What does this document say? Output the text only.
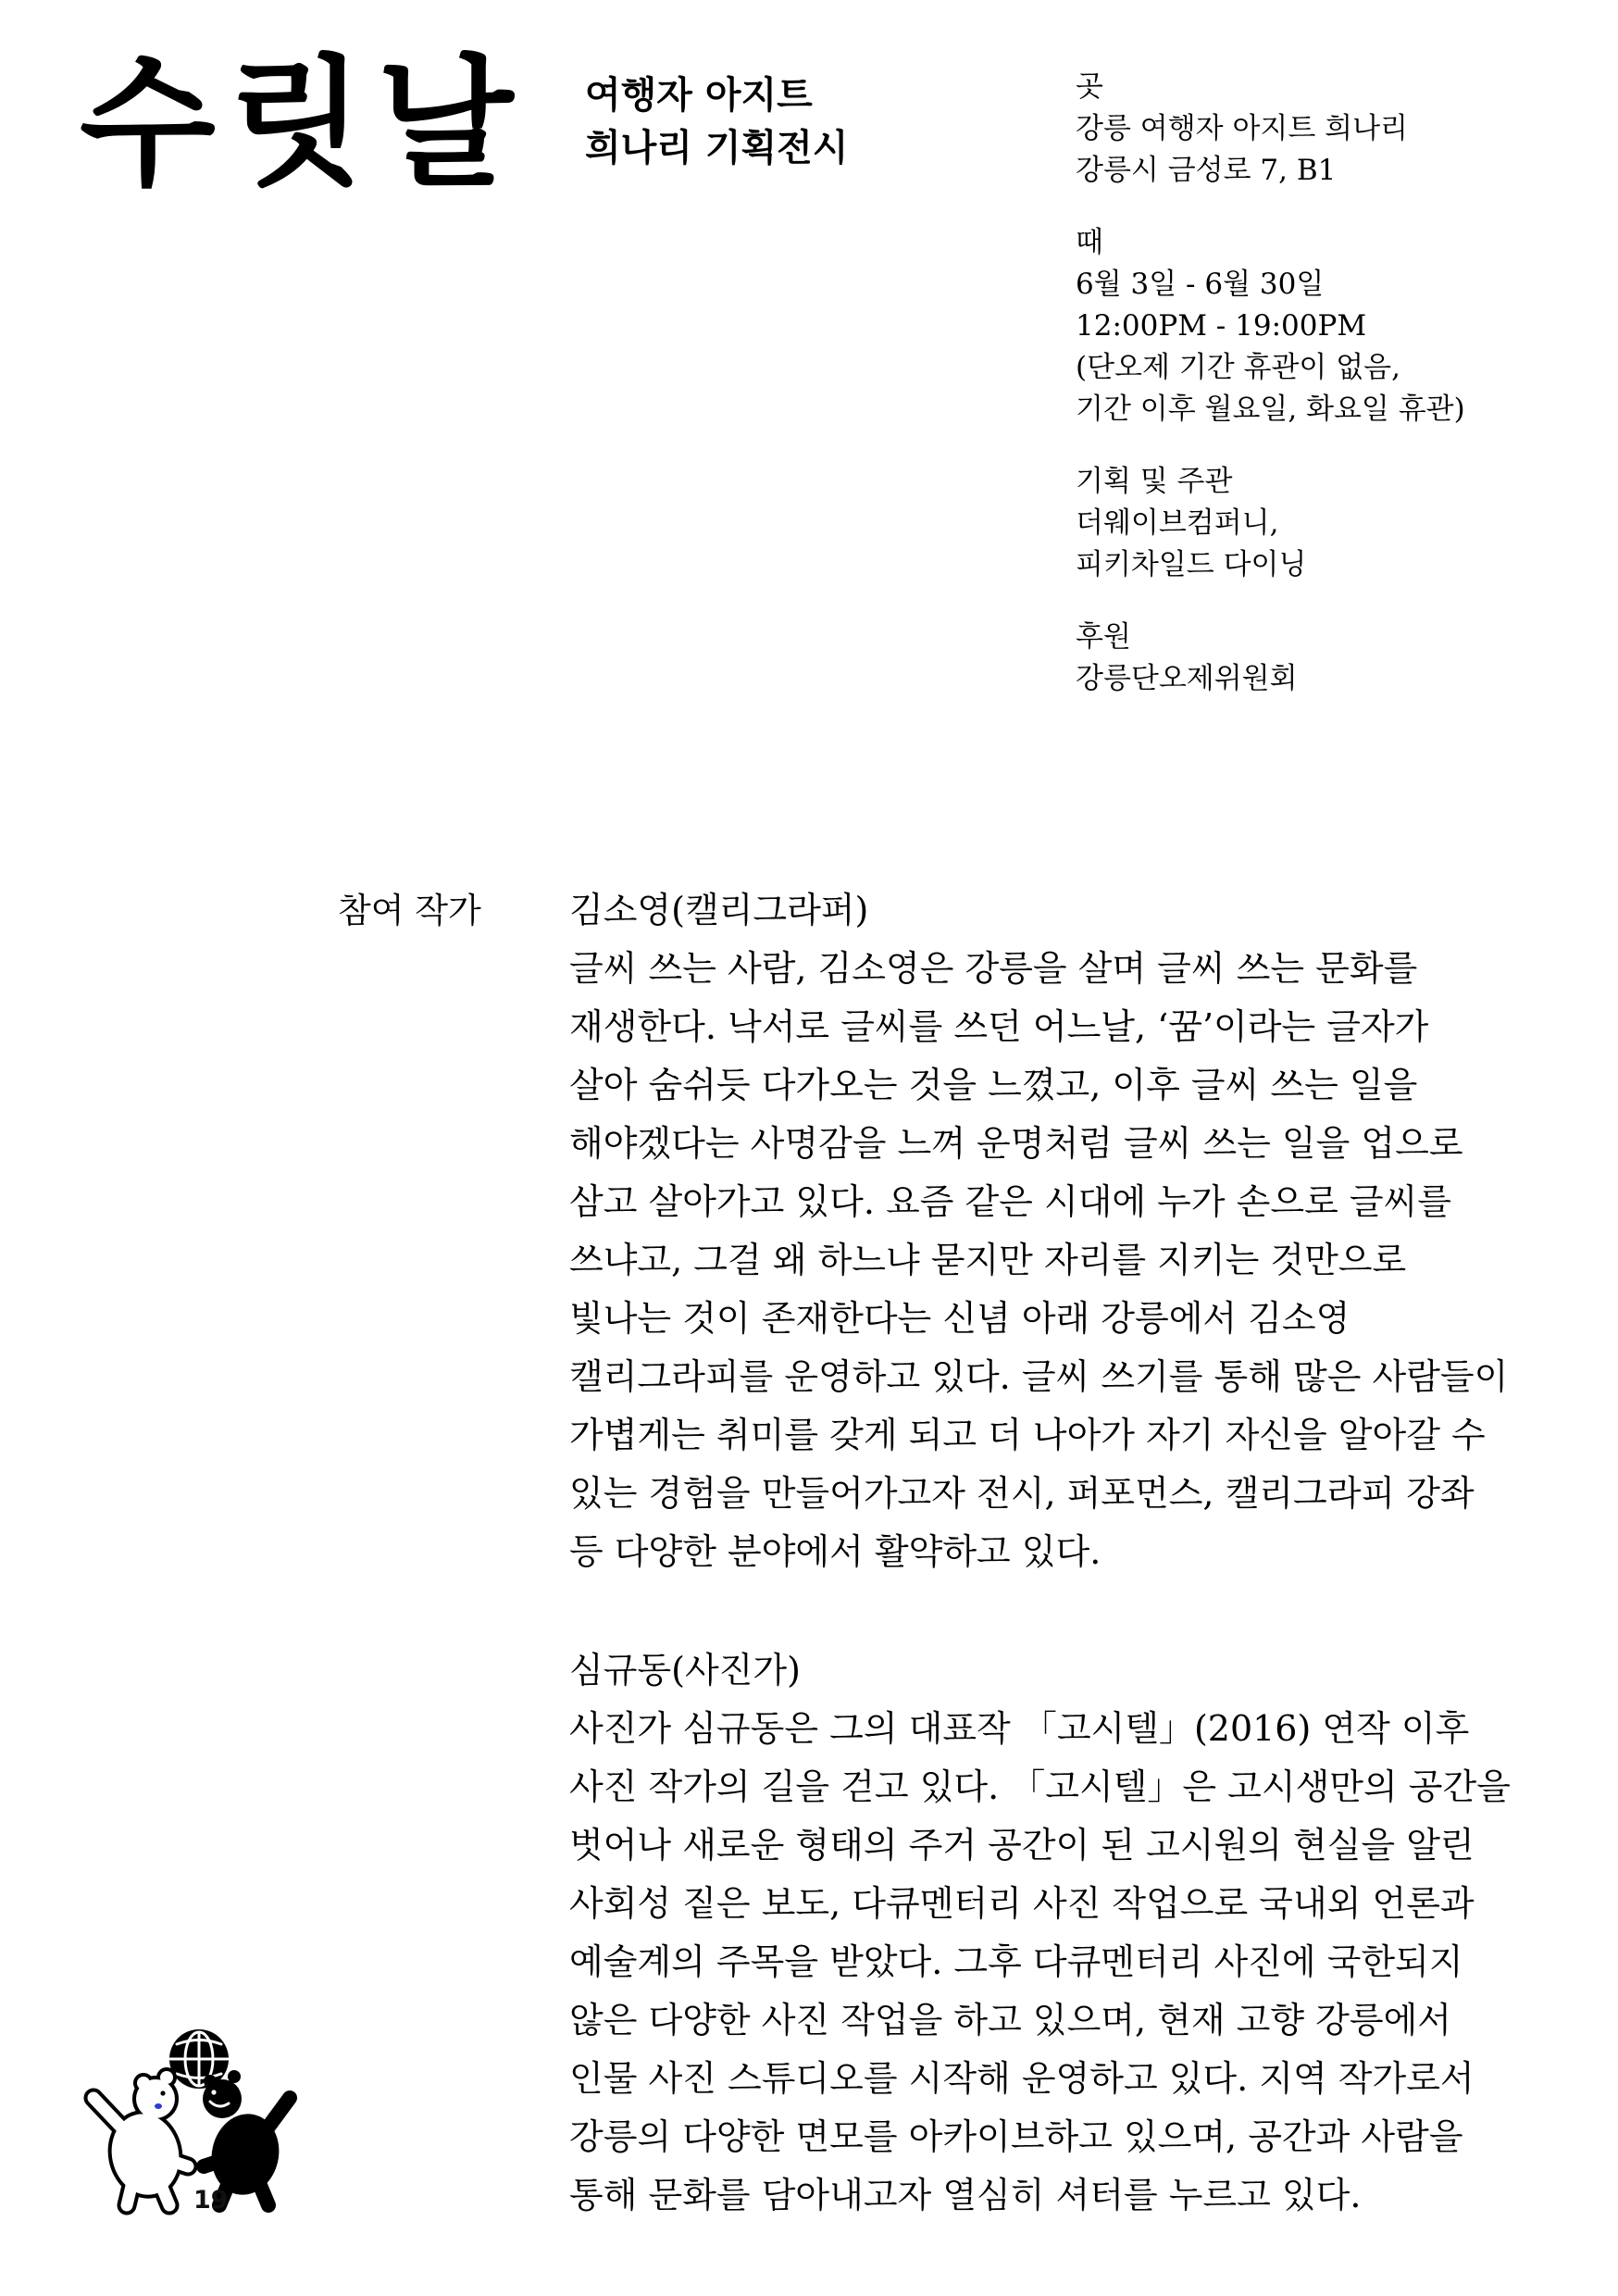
수릿날 여행자 아지트
희나리 기획전시
곳
강릉 여행자 아지트 희나리
강릉시 금성로 7, B1
때
6월 3일 - 6월 30일
12:00PM - 19:00PM
(단오제 기간 휴관이 없음,
기간 이후 월요일, 화요일 휴관)
기획 및 주관
더웨이브컴퍼니,
피키차일드 다이닝
후원
강릉단오제위원회
참여 작가	김소영(캘리그라퍼)
글씨 쓰는 사람, 김소영은 강릉을 살며 글씨 쓰는 문화를
재생한다. 낙서로 글씨를 쓰던 어느날, ‘꿈’이라는 글자가
살아 숨쉬듯 다가오는 것을 느꼈고, 이후 글씨 쓰는 일을
해야겠다는 사명감을 느껴 운명처럼 글씨 쓰는 일을 업으로
삼고 살아가고 있다. 요즘 같은 시대에 누가 손으로 글씨를
쓰냐고, 그걸 왜 하느냐 묻지만 자리를 지키는 것만으로
빛나는 것이 존재한다는 신념 아래 강릉에서 김소영
캘리그라피를 운영하고 있다. 글씨 쓰기를 통해 많은 사람들이
가볍게는 취미를 갖게 되고 더 나아가 자기 자신을 알아갈 수
있는 경험을 만들어가고자 전시, 퍼포먼스, 캘리그라피 강좌
등 다양한 분야에서 활약하고 있다.
심규동(사진가)
사진가 심규동은 그의 대표작 「고시텔」(2016) 연작 이후
사진 작가의 길을 걷고 있다. 「고시텔」은 고시생만의 공간을
벗어나 새로운 형태의 주거 공간이 된 고시원의 현실을 알린
사회성 짙은 보도, 다큐멘터리 사진 작업으로 국내외 언론과
예술계의 주목을 받았다. 그후 다큐멘터리 사진에 국한되지
않은 다양한 사진 작업을 하고 있으며, 현재 고향 강릉에서
인물 사진 스튜디오를 시작해 운영하고 있다. 지역 작가로서
강릉의 다양한 면모를 아카이브하고 있으며, 공간과 사람을
통해 문화를 담아내고자 열심히 셔터를 누르고 있다.
19
